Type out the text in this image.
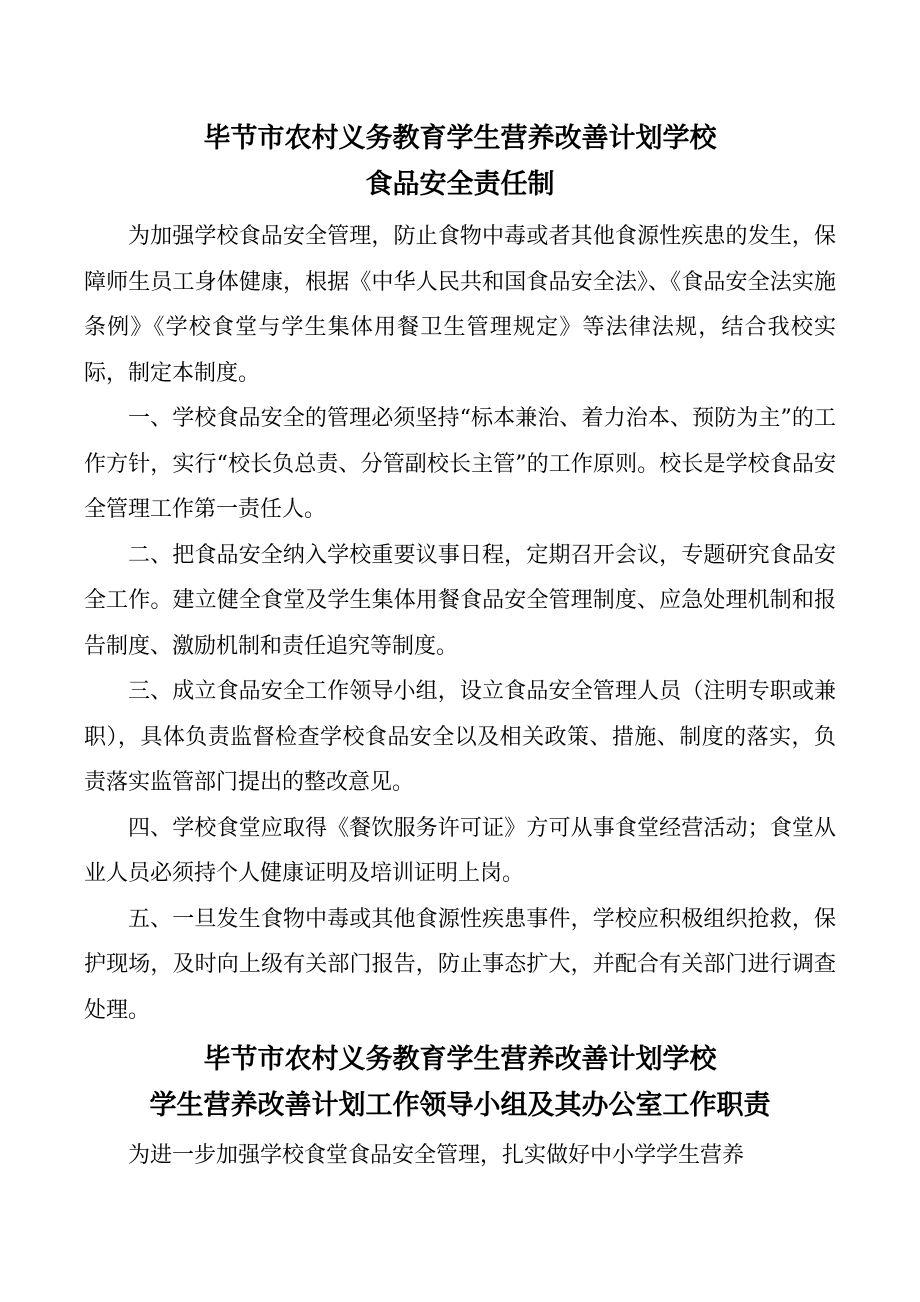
毕节市农村义务教育学生营养改善计划学校
食品安全责任制

为加强学校食品安全管理，防止食物中毒或者其他食源性疾患的发生，保障师生员工身体健康，根据《中华人民共和国食品安全法》、《食品安全法实施条例》《学校食堂与学生集体用餐卫生管理规定》等法律法规，结合我校实际，制定本制度。

一、学校食品安全的管理必须坚持“标本兼治、着力治本、预防为主”的工作方针，实行“校长负总责、分管副校长主管”的工作原则。校长是学校食品安全管理工作第一责任人。

二、把食品安全纳入学校重要议事日程，定期召开会议，专题研究食品安全工作。建立健全食堂及学生集体用餐食品安全管理制度、应急处理机制和报告制度、激励机制和责任追究等制度。

三、成立食品安全工作领导小组，设立食品安全管理人员（注明专职或兼职），具体负责监督检查学校食品安全以及相关政策、措施、制度的落实，负责落实监管部门提出的整改意见。

四、学校食堂应取得《餐饮服务许可证》方可从事食堂经营活动；食堂从业人员必须持个人健康证明及培训证明上岗。

五、一旦发生食物中毒或其他食源性疾患事件，学校应积极组织抢救，保护现场，及时向上级有关部门报告，防止事态扩大，并配合有关部门进行调查处理。

毕节市农村义务教育学生营养改善计划学校
学生营养改善计划工作领导小组及其办公室工作职责

为进一步加强学校食堂食品安全管理，扎实做好中小学学生营养
